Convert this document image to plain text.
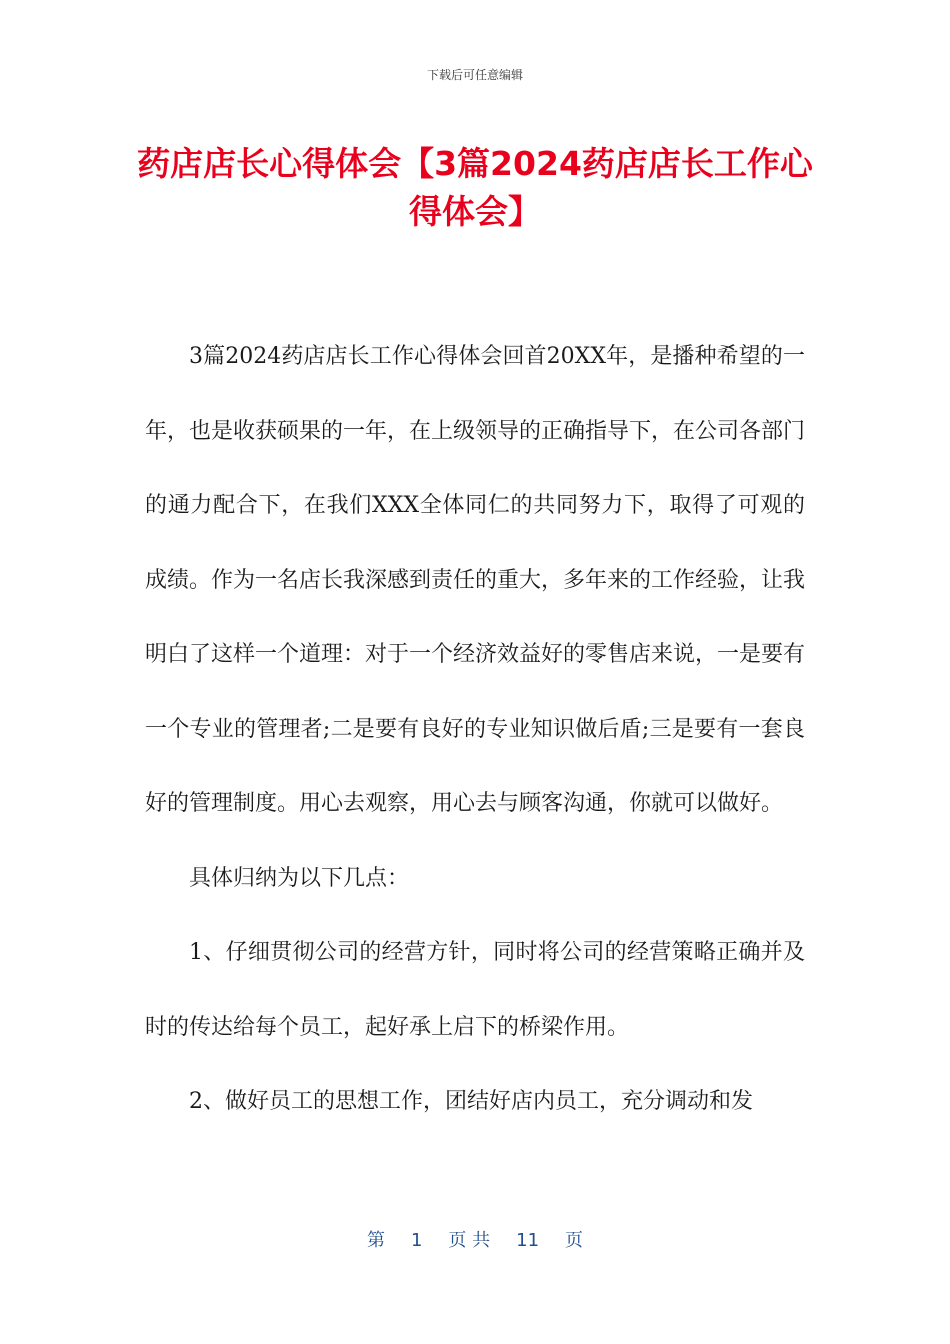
下载后可任意编辑
药店店长心得体会【3篇2024药店店长工作心得体会】

3篇2024药店店长工作心得体会回首20XX年，是播种希望的一年，也是收获硕果的一年，在上级领导的正确指导下，在公司各部门的通力配合下，在我们XXX全体同仁的共同努力下，取得了可观的成绩。作为一名店长我深感到责任的重大，多年来的工作经验，让我明白了这样一个道理：对于一个经济效益好的零售店来说，一是要有一个专业的管理者;二是要有良好的专业知识做后盾;三是要有一套良好的管理制度。用心去观察，用心去与顾客沟通，你就可以做好。

具体归纳为以下几点：

1、仔细贯彻公司的经营方针，同时将公司的经营策略正确并及时的传达给每个员工，起好承上启下的桥梁作用。

2、做好员工的思想工作，团结好店内员工，充分调动和发

第 1 页 共 11 页
